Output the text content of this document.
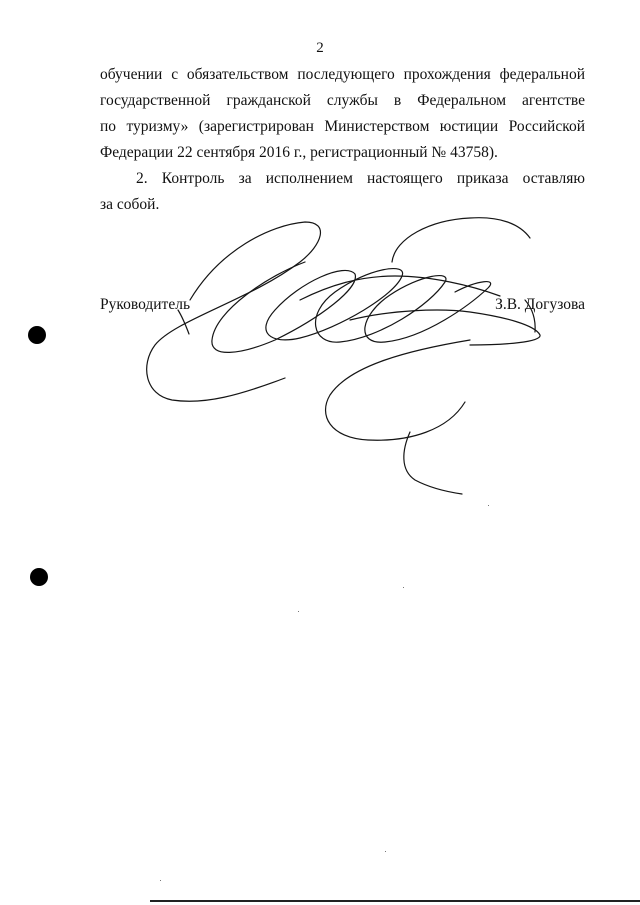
2
обучении с обязательством последующего прохождения федеральной
государственной гражданской службы в Федеральном агентстве
по туризму» (зарегистрирован Министерством юстиции Российской
Федерации 22 сентября 2016 г., регистрационный № 43758).
2. Контроль за исполнением настоящего приказа оставляю
за собой.
Руководитель	З.В. Догузова
